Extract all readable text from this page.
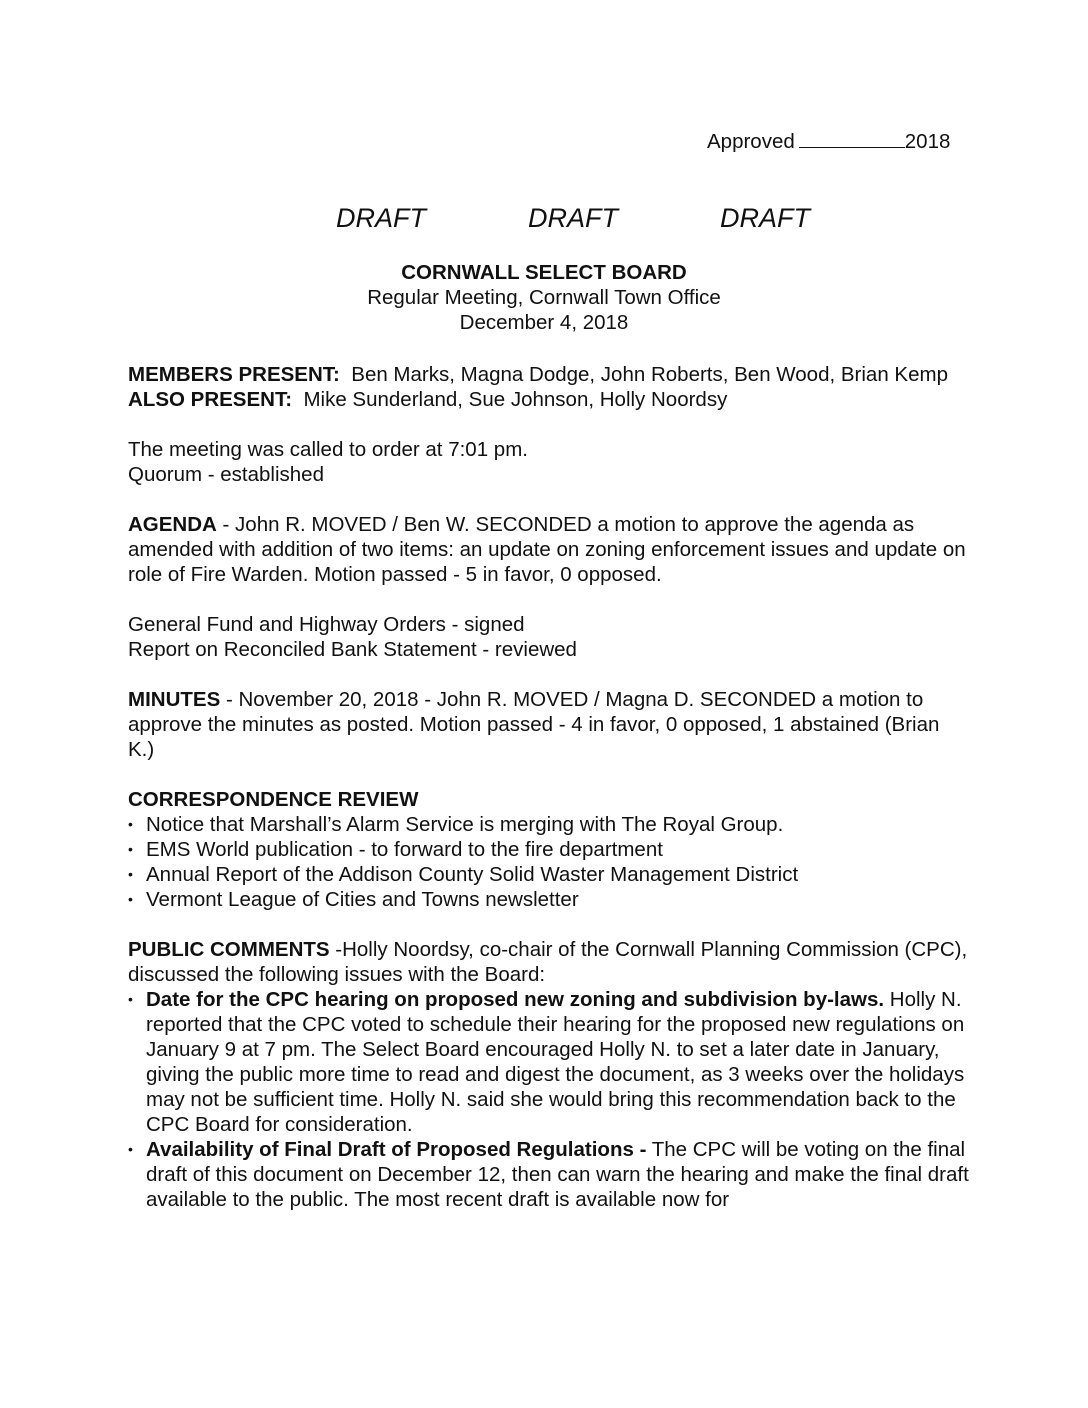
Approved	2018
DRAFT	DRAFT	DRAFT
CORNWALL SELECT BOARD
Regular Meeting, Cornwall Town Office
December 4, 2018

MEMBERS PRESENT: Ben Marks, Magna Dodge, John Roberts, Ben Wood, Brian Kemp
ALSO PRESENT: Mike Sunderland, Sue Johnson, Holly Noordsy

The meeting was called to order at 7:01 pm.
Quorum - established

AGENDA - John R. MOVED / Ben W. SECONDED a motion to approve the agenda as amended with addition of two items: an update on zoning enforcement issues and update on role of Fire Warden. Motion passed - 5 in favor, 0 opposed.

General Fund and Highway Orders - signed
Report on Reconciled Bank Statement - reviewed

MINUTES - November 20, 2018 - John R. MOVED / Magna D. SECONDED a motion to approve the minutes as posted. Motion passed - 4 in favor, 0 opposed, 1 abstained (Brian K.)

CORRESPONDENCE REVIEW
• Notice that Marshall’s Alarm Service is merging with The Royal Group.
• EMS World publication - to forward to the fire department
• Annual Report of the Addison County Solid Waster Management District
• Vermont League of Cities and Towns newsletter

PUBLIC COMMENTS -Holly Noordsy, co-chair of the Cornwall Planning Commission (CPC), discussed the following issues with the Board:

• Date for the CPC hearing on proposed new zoning and subdivision by-laws. Holly N. reported that the CPC voted to schedule their hearing for the proposed new regulations on January 9 at 7 pm. The Select Board encouraged Holly N. to set a later date in January, giving the public more time to read and digest the document, as 3 weeks over the holidays may not be sufficient time. Holly N. said she would bring this recommendation back to the CPC Board for consideration.
• Availability of Final Draft of Proposed Regulations - The CPC will be voting on the final draft of this document on December 12, then can warn the hearing and make the final draft available to the public. The most recent draft is available now for
